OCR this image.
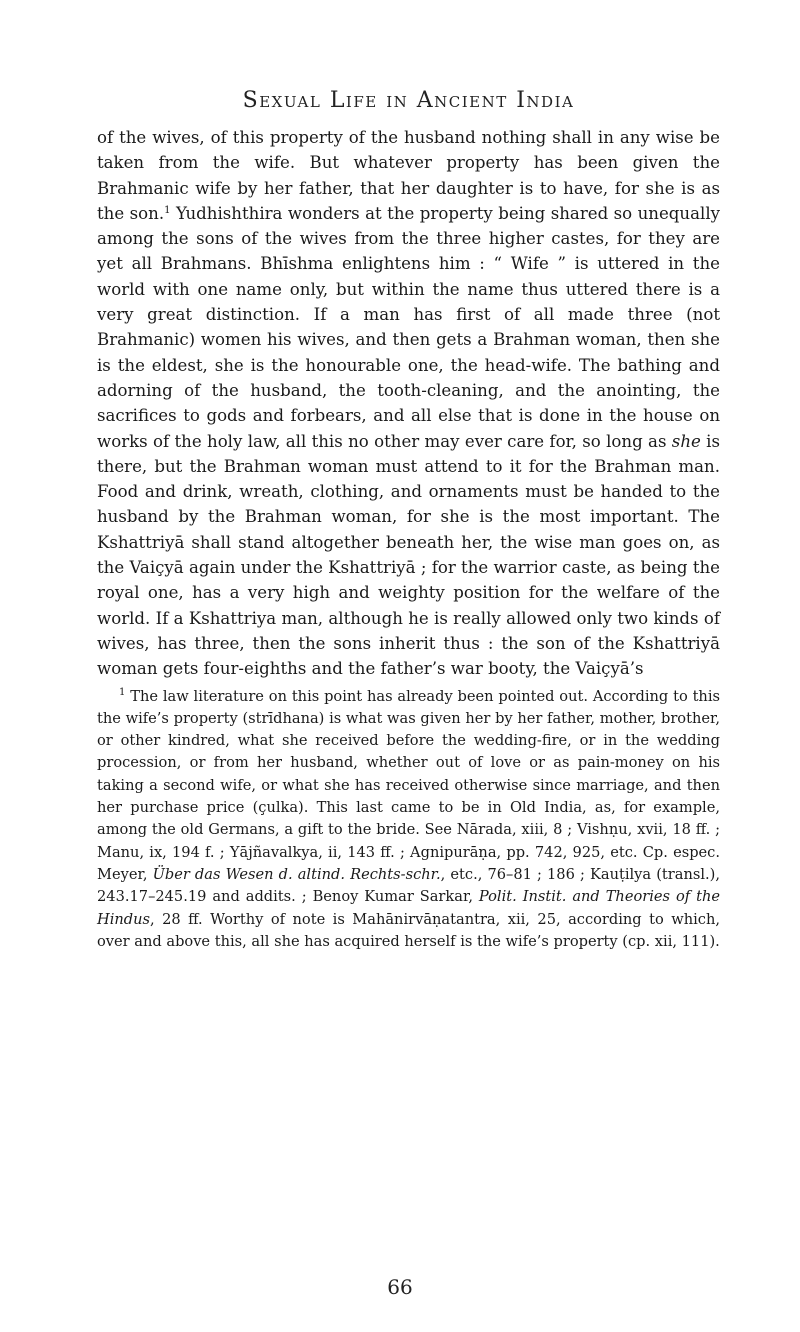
Sexual Life in Ancient India

of the wives, of this property of the husband nothing shall in any wise be taken from the wife. But whatever property has been given the Brahmanic wife by her father, that her daughter is to have, for she is as the son.$^1$ Yudhishthira wonders at the property being shared so unequally among the sons of the wives from the three higher castes, for they are yet all Brahmans. Bhīshma enlightens him : “ Wife ” is uttered in the world with one name only, but within the name thus uttered there is a very great distinction. If a man has first of all made three (not Brahmanic) women his wives, and then gets a Brahman woman, then she is the eldest, she is the honourable one, the head-wife. The bathing and adorning of the husband, the tooth-cleaning, and the anointing, the sacrifices to gods and forbears, and all else that is done in the house on works of the holy law, all this no other may ever care for, so long as she is there, but the Brahman woman must attend to it for the Brahman man. Food and drink, wreath, clothing, and ornaments must be handed to the husband by the Brahman woman, for she is the most important. The Kshattriyā shall stand altogether beneath her, the wise man goes on, as the Vaiçyā again under the Kshattriyā ; for the warrior caste, as being the royal one, has a very high and weighty position for the welfare of the world. If a Kshattriya man, although he is really allowed only two kinds of wives, has three, then the sons inherit thus : the son of the Kshattriyā woman gets four-eighths and the father’s war booty, the Vaiçyā’s

$^1$ The law literature on this point has already been pointed out. According to this the wife’s property (strīdhana) is what was given her by her father, mother, brother, or other kindred, what she received before the wedding-fire, or in the wedding procession, or from her husband, whether out of love or as pain-money on his taking a second wife, or what she has received otherwise since marriage, and then her purchase price (çulka). This last came to be in Old India, as, for example, among the old Germans, a gift to the bride. See Nārada, xiii, 8 ; Vishṇu, xvii, 18 ff. ; Manu, ix, 194 f. ; Yājñavalkya, ii, 143 ff. ; Agnipurāṇa, pp. 742, 925, etc. Cp. espec. Meyer, Über das Wesen d. altind. Rechts-schr., etc., 76–81 ; 186 ; Kauṭilya (transl.), 243.17–245.19 and addits. ; Benoy Kumar Sarkar, Polit. Instit. and Theories of the Hindus, 28 ff. Worthy of note is Mahānirvāṇatantra, xii, 25, according to which, over and above this, all she has acquired herself is the wife’s property (cp. xii, 111).

66
